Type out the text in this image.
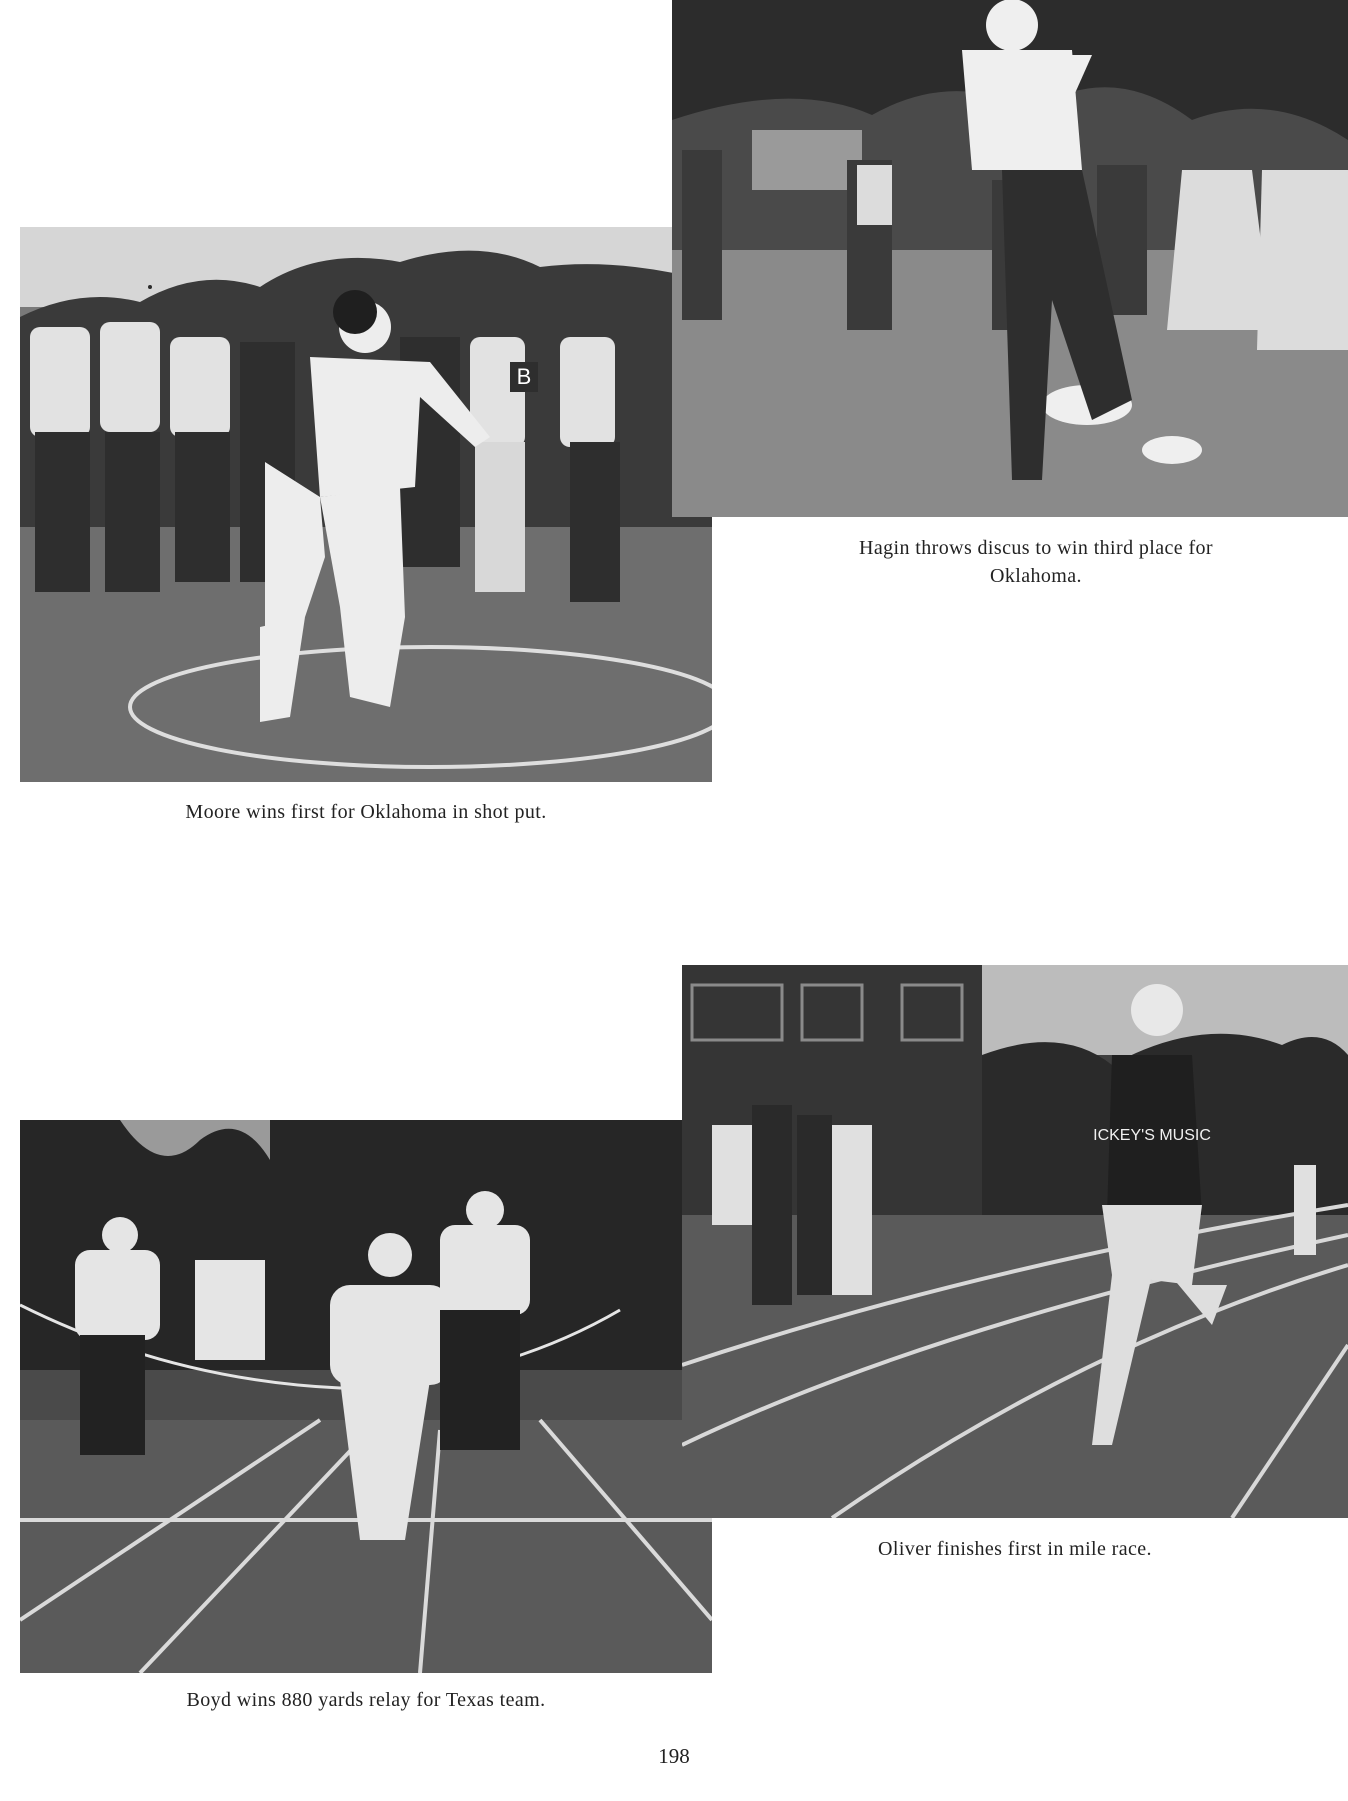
B
ICKEY'S MUSIC
Moore wins first for Oklahoma in shot put.
Hagin throws discus to win third place for Oklahoma.
Boyd wins 880 yards relay for Texas team.
Oliver finishes first in mile race.
198
